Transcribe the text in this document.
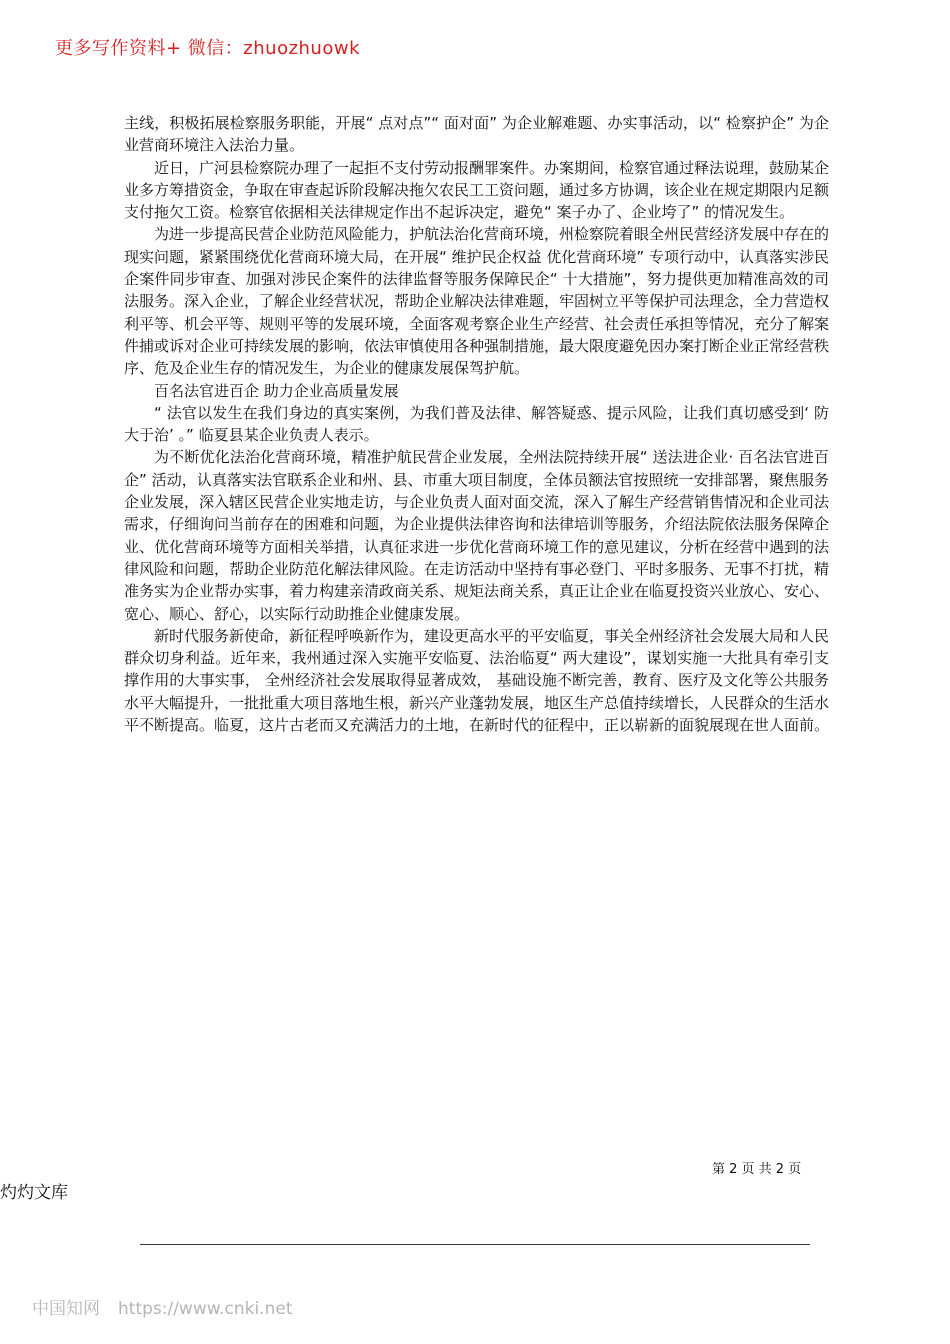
更多写作资料+ 微信：zhuozhuowk

主线，积极拓展检察服务职能，开展“ 点对点”“ 面对面” 为企业解难题、办实事活动，以“ 检察护企” 为企业营商环境注入法治力量。

近日，广河县检察院办理了一起拒不支付劳动报酬罪案件。办案期间，检察官通过释法说理，鼓励某企业多方筹措资金，争取在审查起诉阶段解决拖欠农民工工资问题，通过多方协调，该企业在规定期限内足额支付拖欠工资。检察官依据相关法律规定作出不起诉决定，避免“ 案子办了、企业垮了” 的情况发生。

为进一步提高民营企业防范风险能力，护航法治化营商环境，州检察院着眼全州民营经济发展中存在的现实问题，紧紧围绕优化营商环境大局，在开展“ 维护民企权益 优化营商环境” 专项行动中，认真落实涉民企案件同步审查、加强对涉民企案件的法律监督等服务保障民企“ 十大措施”，努力提供更加精准高效的司法服务。深入企业，了解企业经营状况，帮助企业解决法律难题，牢固树立平等保护司法理念，全力营造权利平等、机会平等、规则平等的发展环境，全面客观考察企业生产经营、社会责任承担等情况，充分了解案件捕或诉对企业可持续发展的影响，依法审慎使用各种强制措施，最大限度避免因办案打断企业正常经营秩序、危及企业生存的情况发生，为企业的健康发展保驾护航。

百名法官进百企 助力企业高质量发展

“ 法官以发生在我们身边的真实案例，为我们普及法律、解答疑惑、提示风险，让我们真切感受到‘ 防大于治’ 。” 临夏县某企业负责人表示。

为不断优化法治化营商环境，精准护航民营企业发展，全州法院持续开展“ 送法进企业· 百名法官进百企” 活动，认真落实法官联系企业和州、县、市重大项目制度，全体员额法官按照统一安排部署，聚焦服务企业发展，深入辖区民营企业实地走访，与企业负责人面对面交流，深入了解生产经营销售情况和企业司法需求，仔细询问当前存在的困难和问题，为企业提供法律咨询和法律培训等服务，介绍法院依法服务保障企业、优化营商环境等方面相关举措，认真征求进一步优化营商环境工作的意见建议，分析在经营中遇到的法律风险和问题，帮助企业防范化解法律风险。在走访活动中坚持有事必登门、平时多服务、无事不打扰，精准务实为企业帮办实事，着力构建亲清政商关系、规矩法商关系，真正让企业在临夏投资兴业放心、安心、宽心、顺心、舒心，以实际行动助推企业健康发展。

新时代服务新使命，新征程呼唤新作为，建设更高水平的平安临夏，事关全州经济社会发展大局和人民群众切身利益。近年来，我州通过深入实施平安临夏、法治临夏“ 两大建设”，谋划实施一大批具有牵引支撑作用的大事实事， 全州经济社会发展取得显著成效， 基础设施不断完善，教育、医疗及文化等公共服务水平大幅提升，一批批重大项目落地生根，新兴产业蓬勃发展，地区生产总值持续增长，人民群众的生活水平不断提高。临夏，这片古老而又充满活力的土地，在新时代的征程中，正以崭新的面貌展现在世人面前。

第 2 页 共 2 页
灼灼文库
中国知网 https://www.cnki.net
